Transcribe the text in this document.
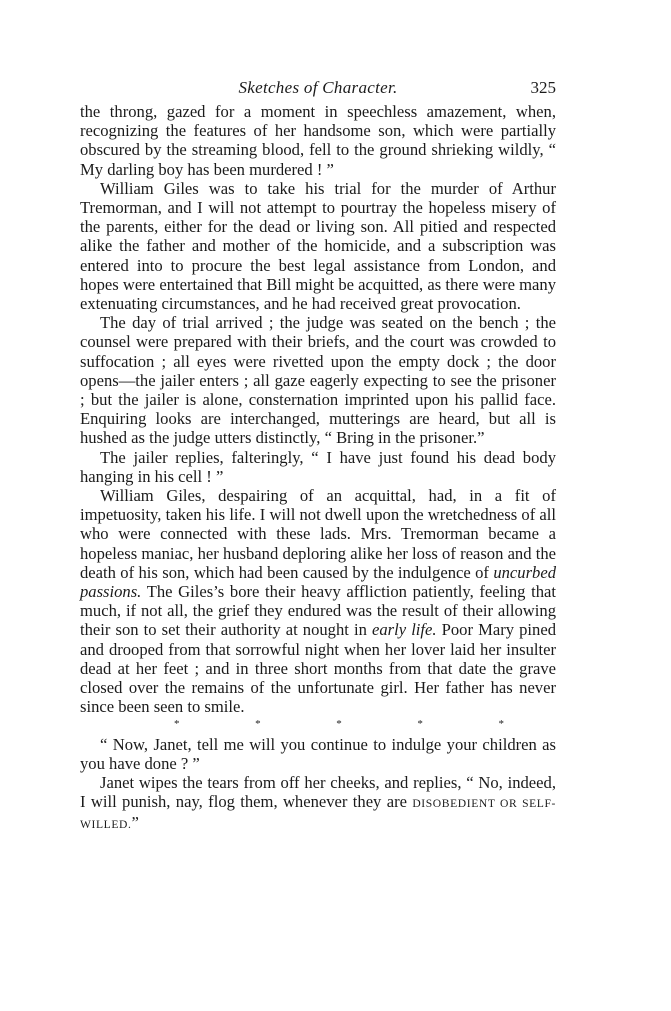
Sketches of Character.	325

the throng, gazed for a moment in speechless amazement, when, recognizing the features of her handsome son, which were partially obscured by the streaming blood, fell to the ground shrieking wildly, “ My darling boy has been murdered ! ”

William Giles was to take his trial for the murder of Arthur Tremorman, and I will not attempt to pourtray the hopeless misery of the parents, either for the dead or living son. All pitied and respected alike the father and mother of the homicide, and a subscription was entered into to procure the best legal assistance from London, and hopes were entertained that Bill might be acquitted, as there were many extenuating circumstances, and he had received great provocation.

The day of trial arrived ; the judge was seated on the bench ; the counsel were prepared with their briefs, and the court was crowded to suffocation ; all eyes were rivetted upon the empty dock ; the door opens—the jailer enters ; all gaze eagerly expecting to see the prisoner ; but the jailer is alone, consternation imprinted upon his pallid face. Enquiring looks are interchanged, mutterings are heard, but all is hushed as the judge utters distinctly, “ Bring in the prisoner.”

The jailer replies, falteringly, “ I have just found his dead body hanging in his cell ! ”

William Giles, despairing of an acquittal, had, in a fit of impetuosity, taken his life. I will not dwell upon the wretchedness of all who were connected with these lads. Mrs. Tremorman became a hopeless maniac, her husband deploring alike her loss of reason and the death of his son, which had been caused by the indulgence of uncurbed passions. The Giles’s bore their heavy affliction patiently, feeling that much, if not all, the grief they endured was the result of their allowing their son to set their authority at nought in early life. Poor Mary pined and drooped from that sorrowful night when her lover laid her insulter dead at her feet ; and in three short months from that date the grave closed over the remains of the unfortunate girl. Her father has never since been seen to smile.

*	*	*	*	*

“ Now, Janet, tell me will you continue to indulge your children as you have done ? ”

Janet wipes the tears from off her cheeks, and replies, “ No, indeed, I will punish, nay, flog them, whenever they are DISOBEDIENT OR SELF-WILLED.”
